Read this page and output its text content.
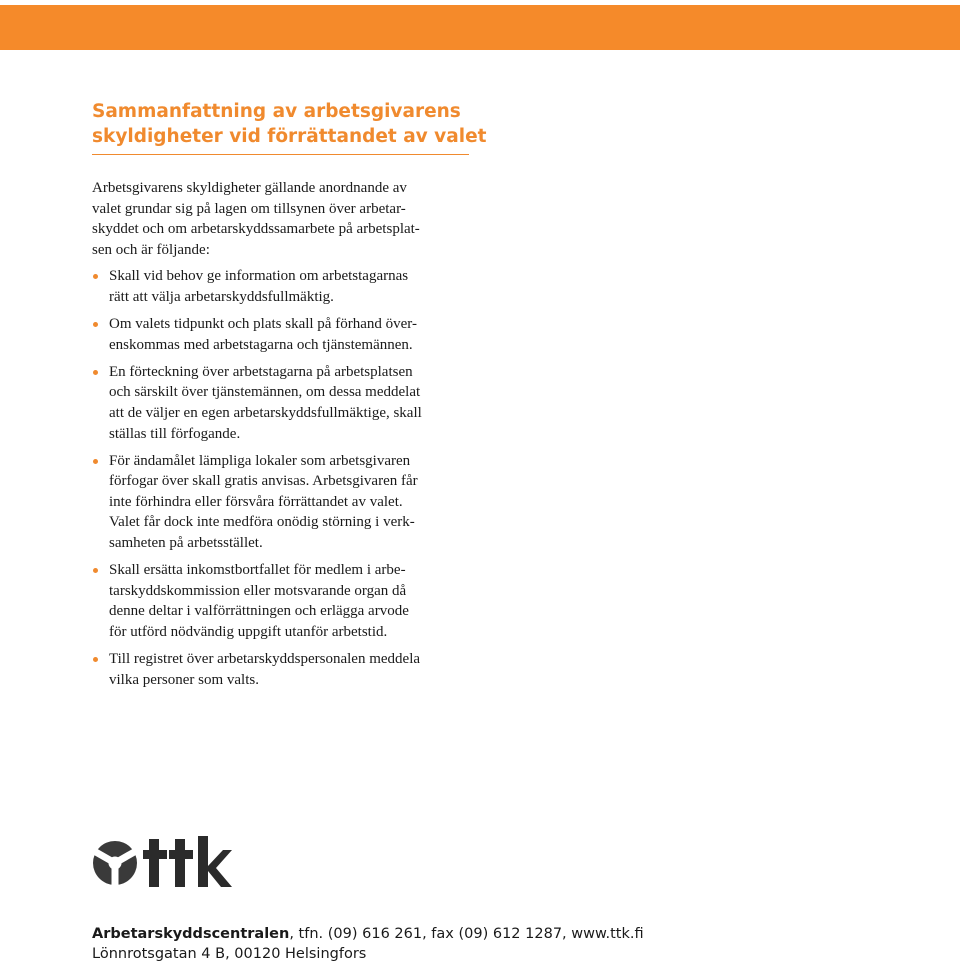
Sammanfattning av arbetsgivarens
skyldigheter vid förrättandet av valet
Arbetsgivarens skyldigheter gällande anordnande av
valet grundar sig på lagen om tillsynen över arbetar-
skyddet och om arbetarskyddssamarbete på arbetsplat-
sen och är följande:
Skall vid behov ge information om arbetstagarnas
rätt att välja arbetarskyddsfullmäktig.
Om valets tidpunkt och plats skall på förhand över-
enskommas med arbetstagarna och tjänstemännen.
En förteckning över arbetstagarna på arbetsplatsen
och särskilt över tjänstemännen, om dessa meddelat
att de väljer en egen arbetarskyddsfullmäktige, skall
ställas till förfogande.
För ändamålet lämpliga lokaler som arbetsgivaren
förfogar över skall gratis anvisas. Arbetsgivaren får
inte förhindra eller försvåra förrättandet av valet.
Valet får dock inte medföra onödig störning i verk-
samheten på arbetsstället.
Skall ersätta inkomstbortfallet för medlem i arbe-
tarskyddskommission eller motsvarande organ då
denne deltar i valförrättningen och erlägga arvode
för utförd nödvändig uppgift utanför arbetstid.
Till registret över arbetarskyddspersonalen meddela
vilka personer som valts.
Arbetarskyddscentralen, tfn. (09) 616 261, fax (09) 612 1287, www.ttk.fi
Lönnrotsgatan 4 B, 00120 Helsingfors
